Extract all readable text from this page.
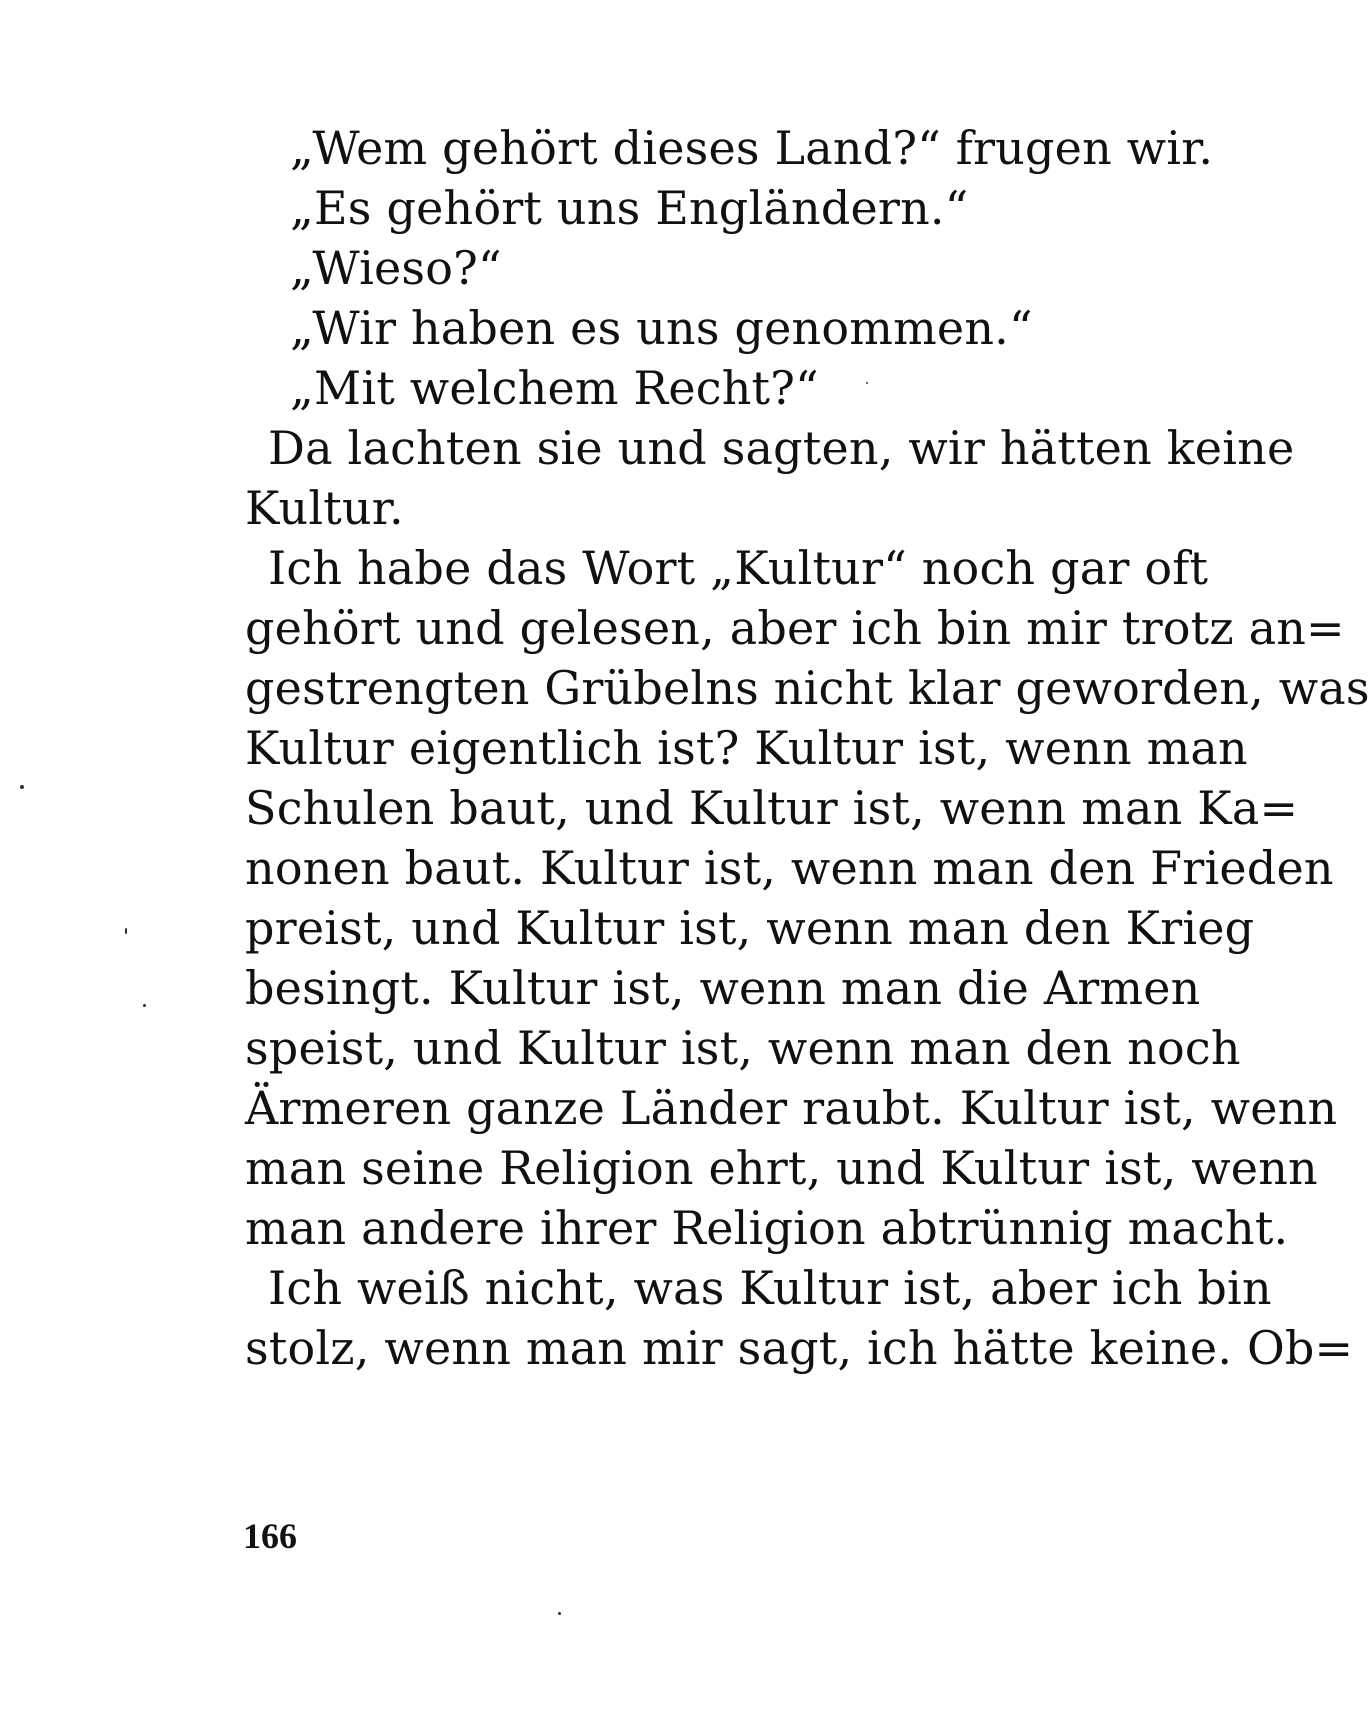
„Wem gehört dieses Land?“ frugen wir.
„Es gehört uns Engländern.“
„Wieso?“
„Wir haben es uns genommen.“
„Mit welchem Recht?“
Da lachten sie und sagten, wir hätten keine
Kultur.
Ich habe das Wort „Kultur“ noch gar oft
gehört und gelesen, aber ich bin mir trotz an=
gestrengten Grübelns nicht klar geworden, was
Kultur eigentlich ist? Kultur ist, wenn man
Schulen baut, und Kultur ist, wenn man Ka=
nonen baut. Kultur ist, wenn man den Frieden
preist, und Kultur ist, wenn man den Krieg
besingt. Kultur ist, wenn man die Armen
speist, und Kultur ist, wenn man den noch
Ärmeren ganze Länder raubt. Kultur ist, wenn
man seine Religion ehrt, und Kultur ist, wenn
man andere ihrer Religion abtrünnig macht.
Ich weiß nicht, was Kultur ist, aber ich bin
stolz, wenn man mir sagt, ich hätte keine. Ob=
166
